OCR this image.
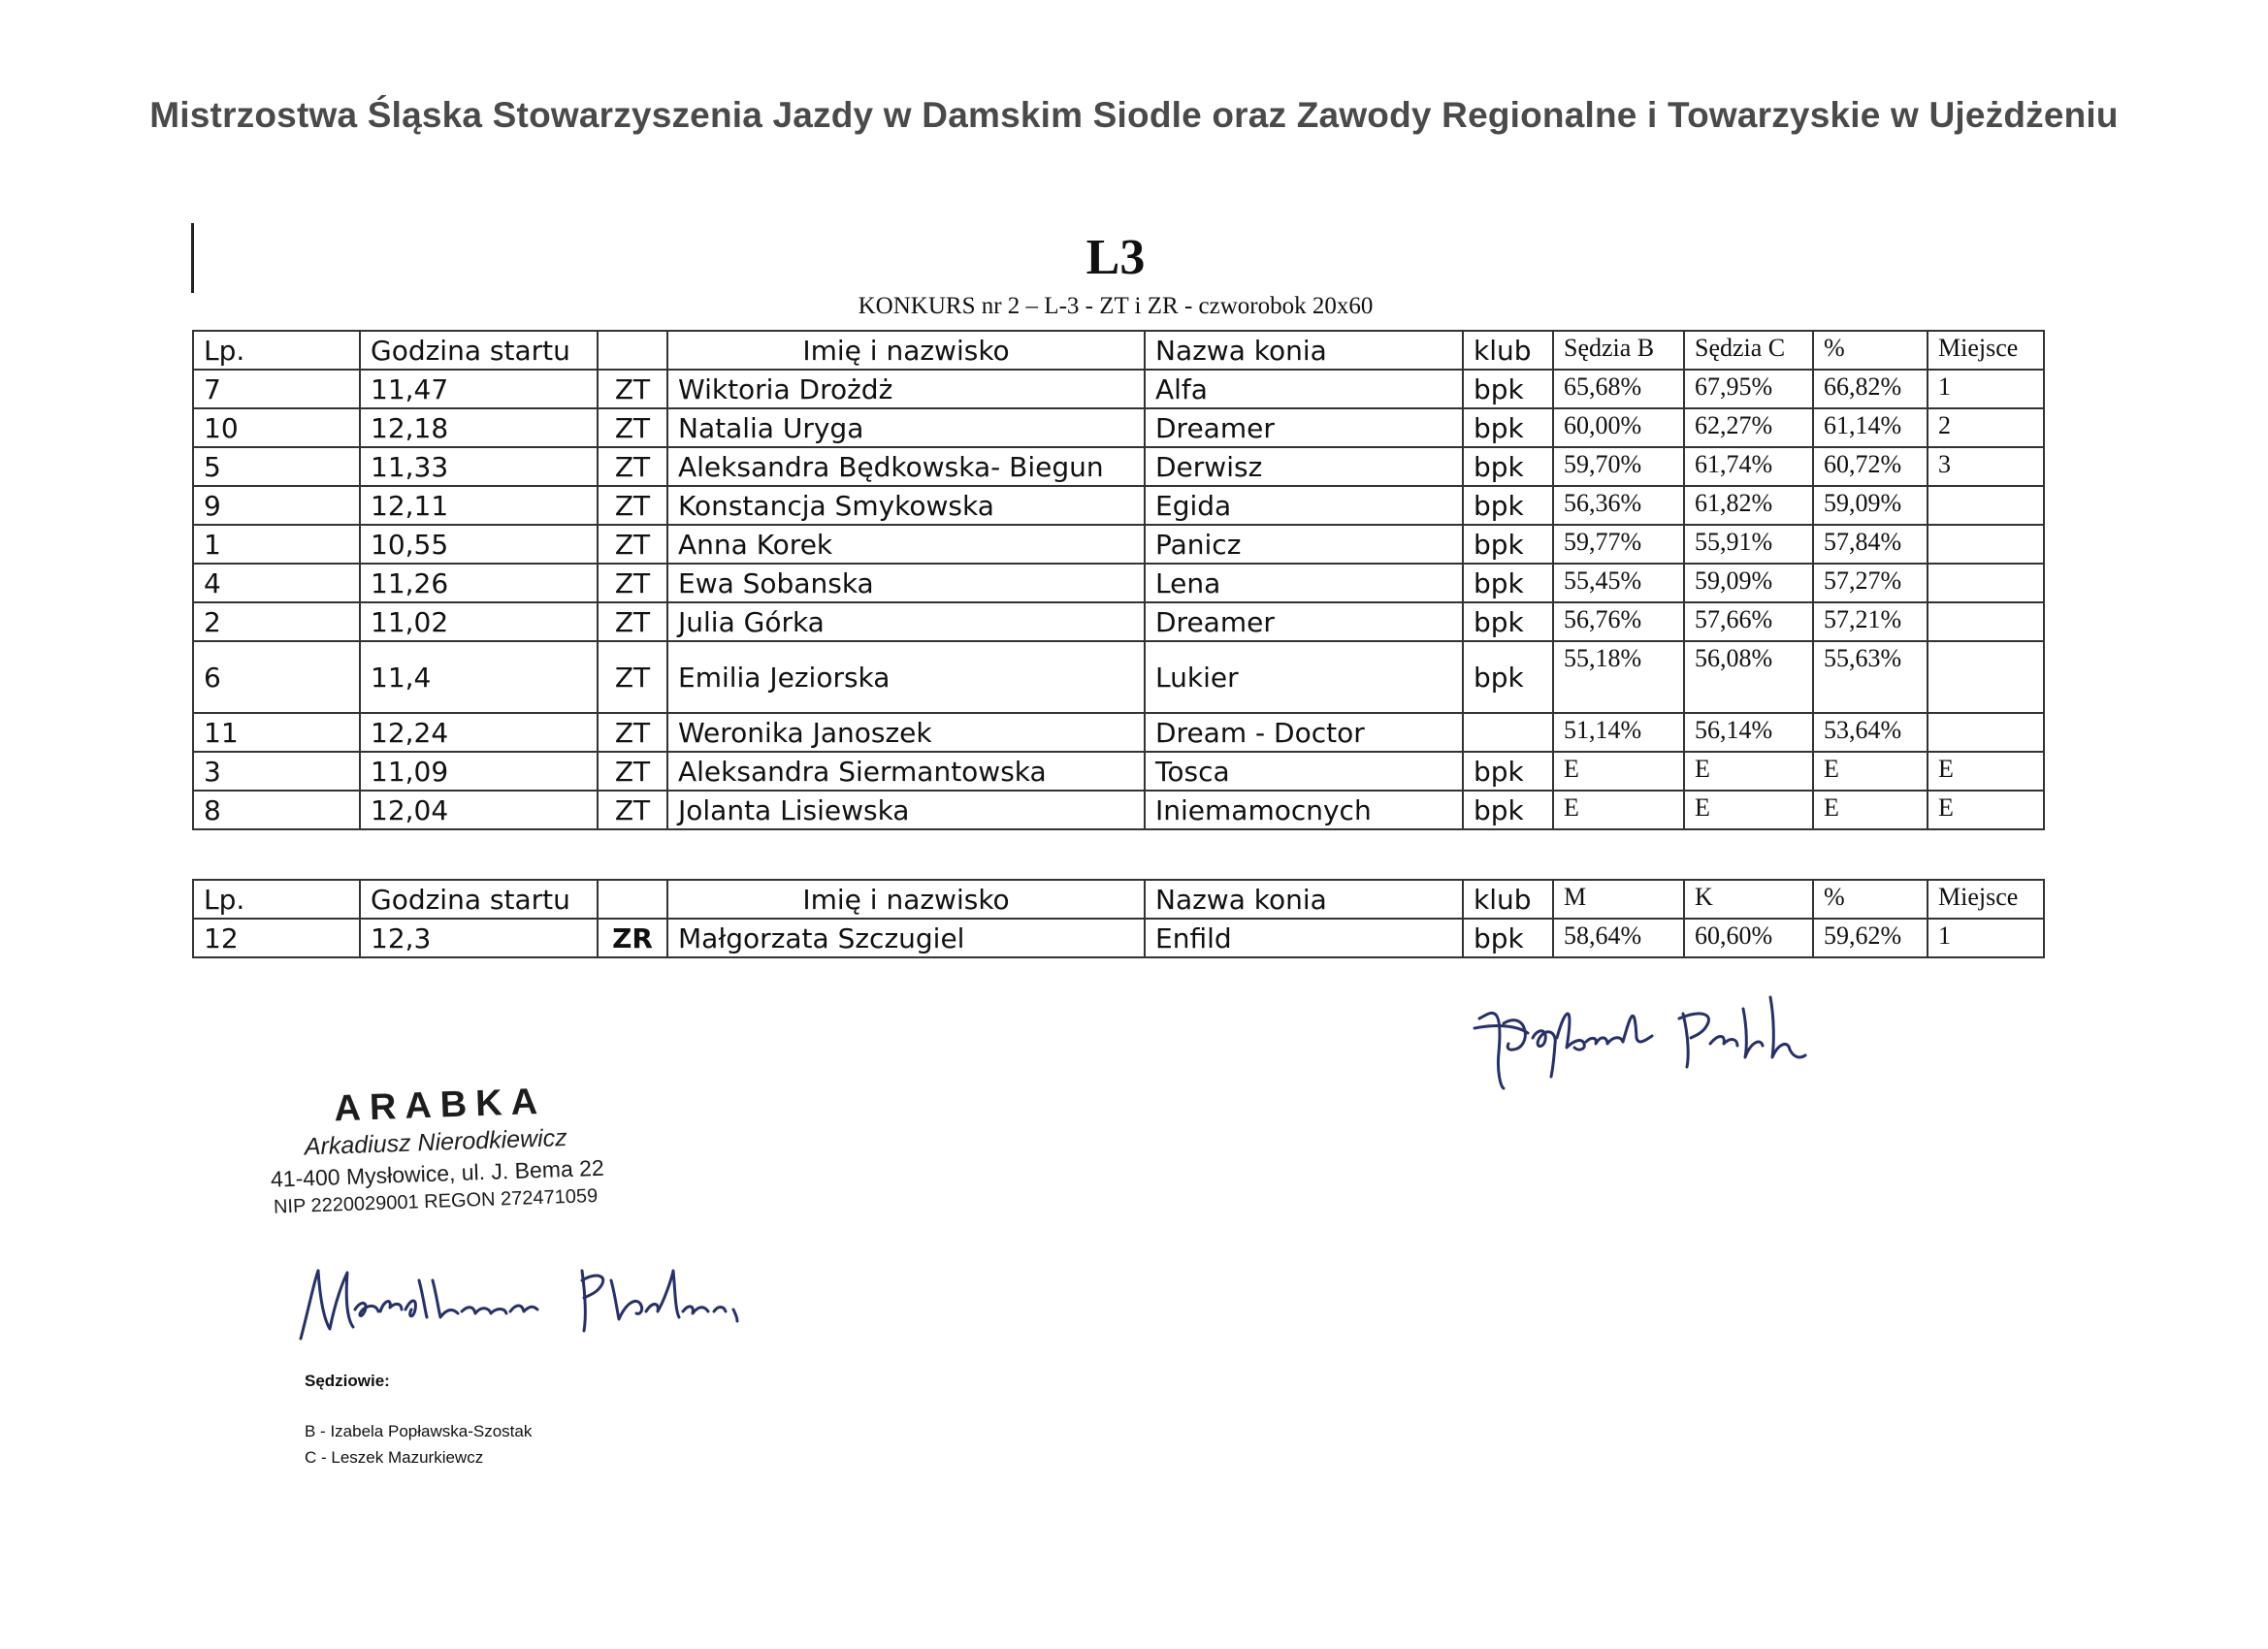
Mistrzostwa Śląska Stowarzyszenia Jazdy w Damskim Siodle oraz Zawody Regionalne i Towarzyskie w Ujeżdżeniu
L3
KONKURS nr 2 – L-3 - ZT i ZR - czworobok 20x60
Lp.	Godzina startu		Imię i nazwisko	Nazwa konia	klub	Sędzia B	Sędzia C	%	Miejsce
7	11,47	ZT	Wiktoria Drożdż	Alfa	bpk	65,68%	67,95%	66,82%	1
10	12,18	ZT	Natalia Uryga	Dreamer	bpk	60,00%	62,27%	61,14%	2
5	11,33	ZT	Aleksandra Będkowska- Biegun	Derwisz	bpk	59,70%	61,74%	60,72%	3
9	12,11	ZT	Konstancja Smykowska	Egida	bpk	56,36%	61,82%	59,09%	
1	10,55	ZT	Anna Korek	Panicz	bpk	59,77%	55,91%	57,84%	
4	11,26	ZT	Ewa Sobanska	Lena	bpk	55,45%	59,09%	57,27%	
2	11,02	ZT	Julia Górka	Dreamer	bpk	56,76%	57,66%	57,21%	
6	11,4	ZT	Emilia Jeziorska	Lukier	bpk	55,18%	56,08%	55,63%	
11	12,24	ZT	Weronika Janoszek	Dream - Doctor		51,14%	56,14%	53,64%	
3	11,09	ZT	Aleksandra Siermantowska	Tosca	bpk	E	E	E	E
8	12,04	ZT	Jolanta Lisiewska	Iniemamocnych	bpk	E	E	E	E
Lp.	Godzina startu		Imię i nazwisko	Nazwa konia	klub	M	K	%	Miejsce
12	12,3	ZR	Małgorzata Szczugiel	Enfild	bpk	58,64%	60,60%	59,62%	1
ARABKA
Arkadiusz Nierodkiewicz
41-400 Mysłowice, ul. J. Bema 22
NIP 2220029001 REGON 272471059
Sędziowie:
B - Izabela Popławska-Szostak
C - Leszek Mazurkiewcz
